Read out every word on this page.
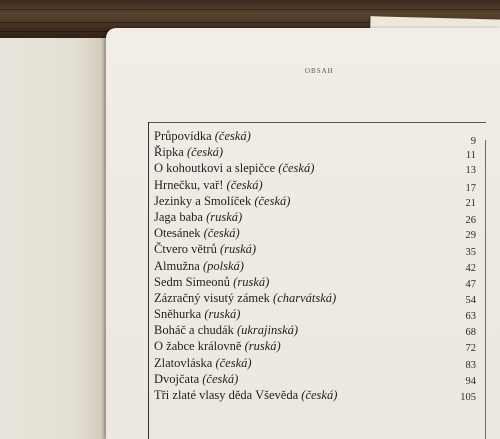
OBSAH
Průpovídka (česká)	9
Řipka (česká)	11
O kohoutkovi a slepičce (česká)	13
Hrnečku, vař! (česká)	17
Jezinky a Smolíček (česká)	21
Jaga baba (ruská)	26
Otesánek (česká)	29
Čtvero větrů (ruská)	35
Almužna (polská)	42
Sedm Simeonů (ruská)	47
Zázračný visutý zámek (charvátská)	54
Sněhurka (ruská)	63
Boháč a chudák (ukrajinská)	68
O žabce královně (ruská)	72
Zlatovláska (česká)	83
Dvojčata (česká)	94
Tři zlaté vlasy děda Vševěda (česká)	105
